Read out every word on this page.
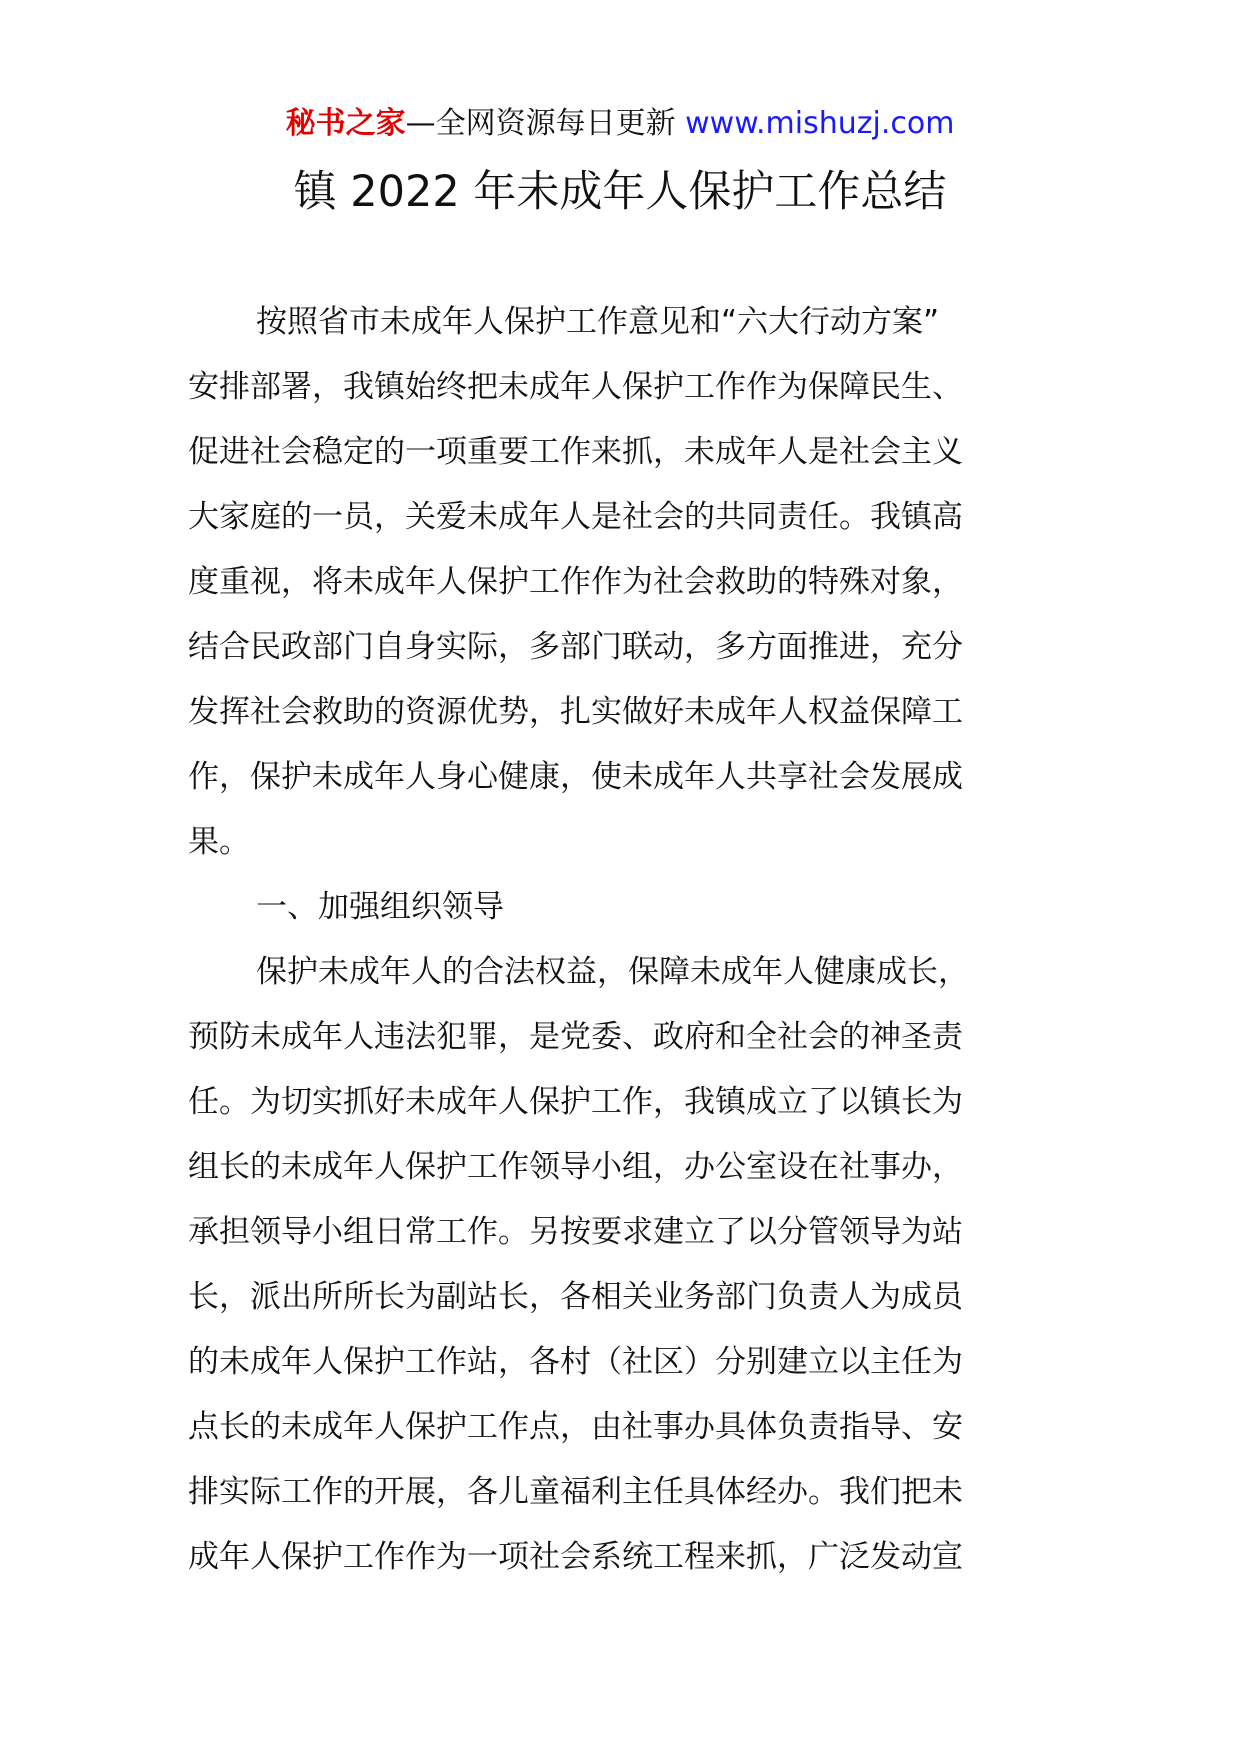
秘书之家—全网资源每日更新 www.mishuzj.com
镇 2022 年未成年人保护工作总结
按照省市未成年人保护工作意见和“六大行动方案”
安排部署，我镇始终把未成年人保护工作作为保障民生、
促进社会稳定的一项重要工作来抓，未成年人是社会主义
大家庭的一员，关爱未成年人是社会的共同责任。我镇高
度重视，将未成年人保护工作作为社会救助的特殊对象，
结合民政部门自身实际，多部门联动，多方面推进，充分
发挥社会救助的资源优势，扎实做好未成年人权益保障工
作，保护未成年人身心健康，使未成年人共享社会发展成
果。
一、加强组织领导
保护未成年人的合法权益，保障未成年人健康成长，
预防未成年人违法犯罪，是党委、政府和全社会的神圣责
任。为切实抓好未成年人保护工作，我镇成立了以镇长为
组长的未成年人保护工作领导小组，办公室设在社事办，
承担领导小组日常工作。另按要求建立了以分管领导为站
长，派出所所长为副站长，各相关业务部门负责人为成员
的未成年人保护工作站，各村（社区）分别建立以主任为
点长的未成年人保护工作点，由社事办具体负责指导、安
排实际工作的开展，各儿童福利主任具体经办。我们把未
成年人保护工作作为一项社会系统工程来抓，广泛发动宣
